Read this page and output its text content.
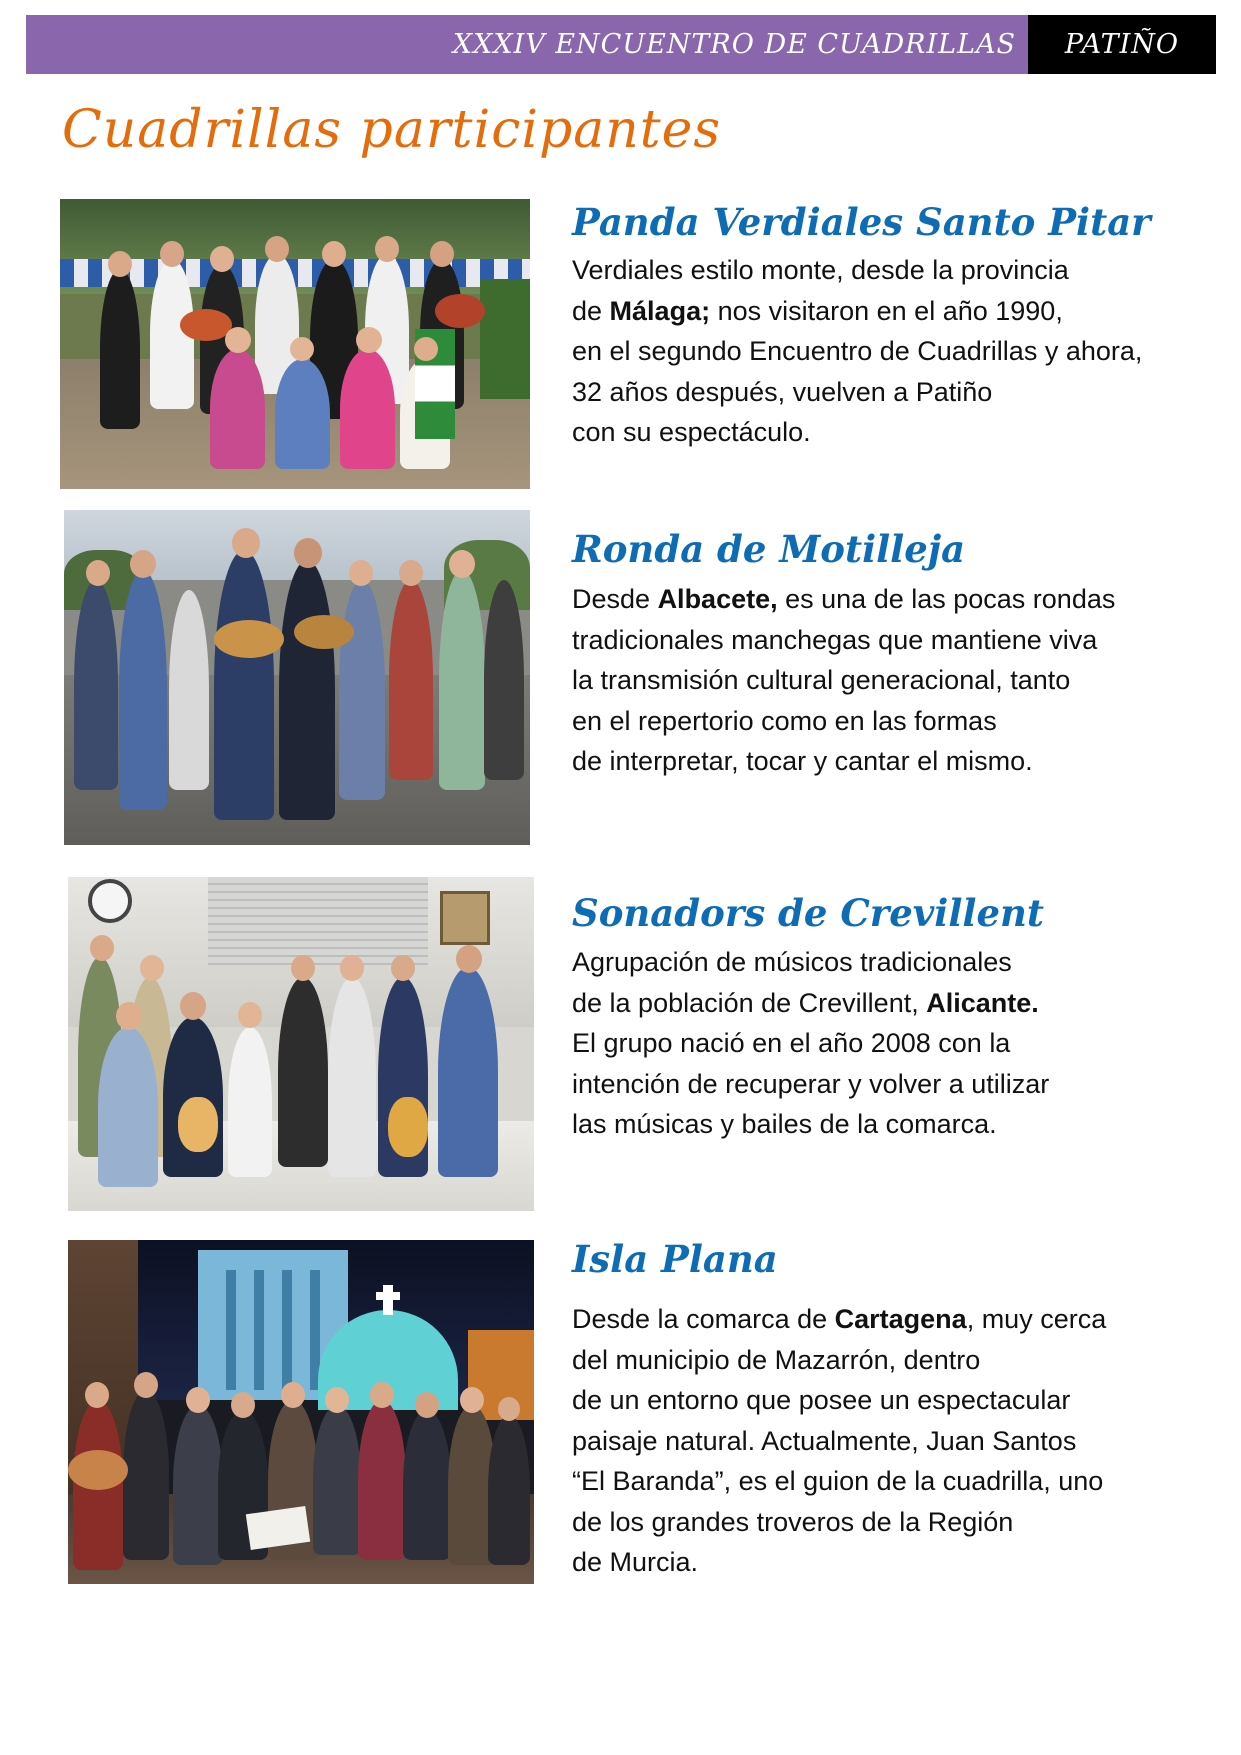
XXXIV ENCUENTRO DE CUADRILLAS	PATIÑO
Cuadrillas participantes
Panda Verdiales Santo Pitar

Verdiales estilo monte, desde la provincia
de Málaga; nos visitaron en el año 1990,
en el segundo Encuentro de Cuadrillas y ahora,
32 años después, vuelven a Patiño
con su espectáculo.

Ronda de Motilleja

Desde Albacete, es una de las pocas rondas
tradicionales manchegas que mantiene viva
la transmisión cultural generacional, tanto
en el repertorio como en las formas
de interpretar, tocar y cantar el mismo.

Sonadors de Crevillent

Agrupación de músicos tradicionales
de la población de Crevillent, Alicante.
El grupo nació en el año 2008 con la
intención de recuperar y volver a utilizar
las músicas y bailes de la comarca.

Isla Plana

Desde la comarca de Cartagena, muy cerca
del municipio de Mazarrón, dentro
de un entorno que posee un espectacular
paisaje natural. Actualmente, Juan Santos
“El Baranda”, es el guion de la cuadrilla, uno
de los grandes troveros de la Región
de Murcia.
